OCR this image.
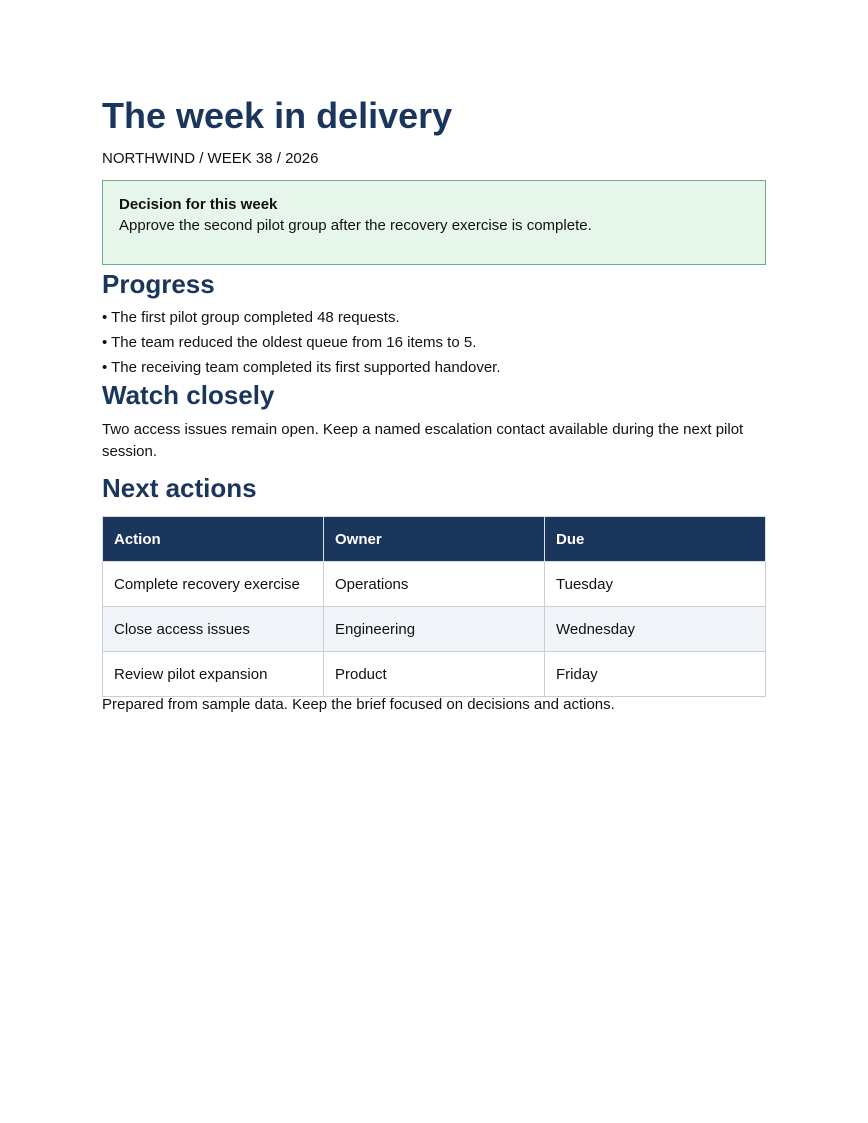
The week in delivery
NORTHWIND / WEEK 38 / 2026
Decision for this week
Approve the second pilot group after the recovery exercise is complete.
Progress
• The first pilot group completed 48 requests.
• The team reduced the oldest queue from 16 items to 5.
• The receiving team completed its first supported handover.
Watch closely
Two access issues remain open. Keep a named escalation contact available during the next pilot session.
Next actions
Action	Owner	Due
Complete recovery exercise	Operations	Tuesday
Close access issues	Engineering	Wednesday
Review pilot expansion	Product	Friday
Prepared from sample data. Keep the brief focused on decisions and actions.
